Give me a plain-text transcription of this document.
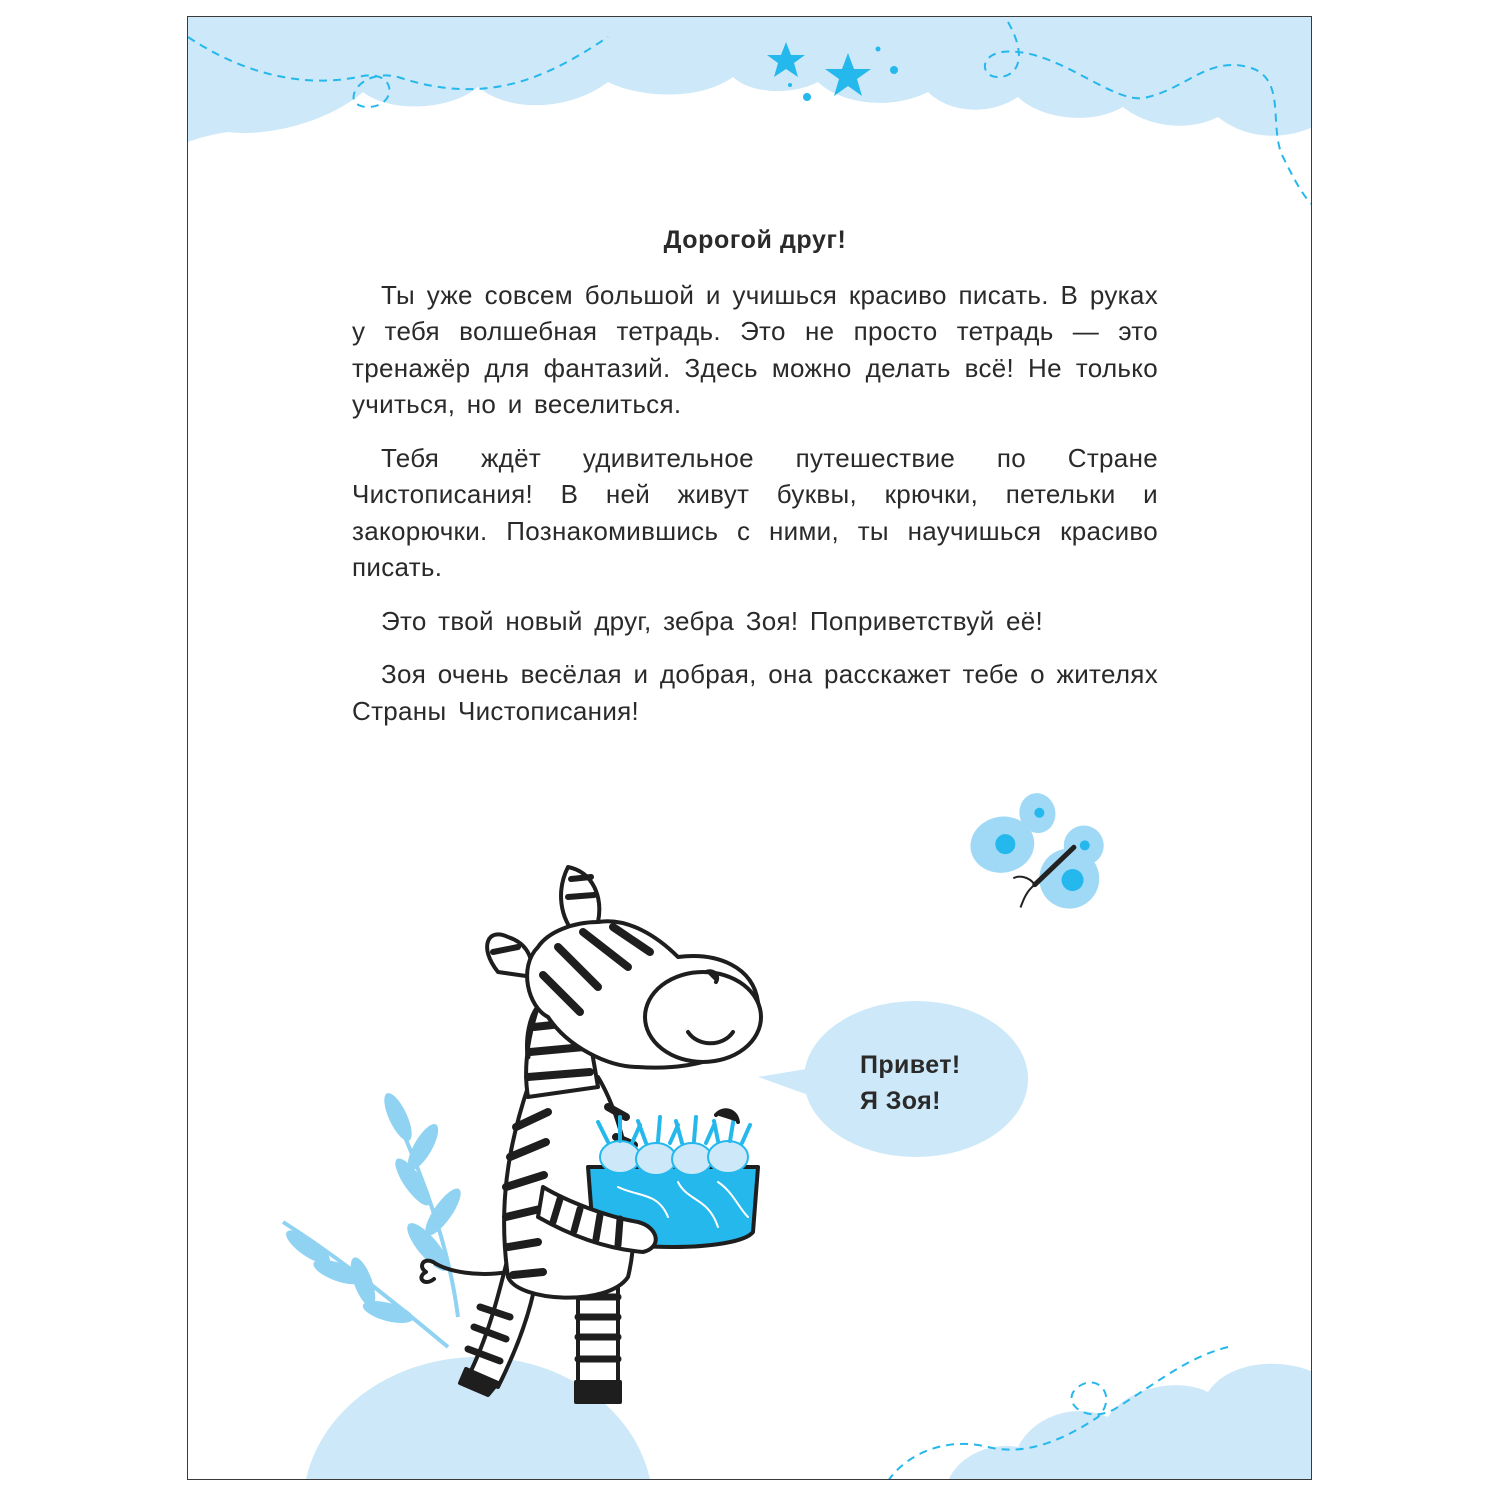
Дорогой друг!

Ты уже совсем большой и учишься красиво писать. В руках у тебя волшебная тетрадь. Это не просто тетрадь — это тренажёр для фантазий. Здесь можно делать всё! Не только учиться, но и веселиться.

Тебя ждёт удивительное путешествие по Стране Чистописания! В ней живут буквы, крючки, петельки и закорючки. Познакомившись с ними, ты научишься красиво писать.

Это твой новый друг, зебра Зоя! Поприветствуй её!

Зоя очень весёлая и добрая, она расскажет тебе о жителях Страны Чистописания!

Привет!
Я Зоя!
